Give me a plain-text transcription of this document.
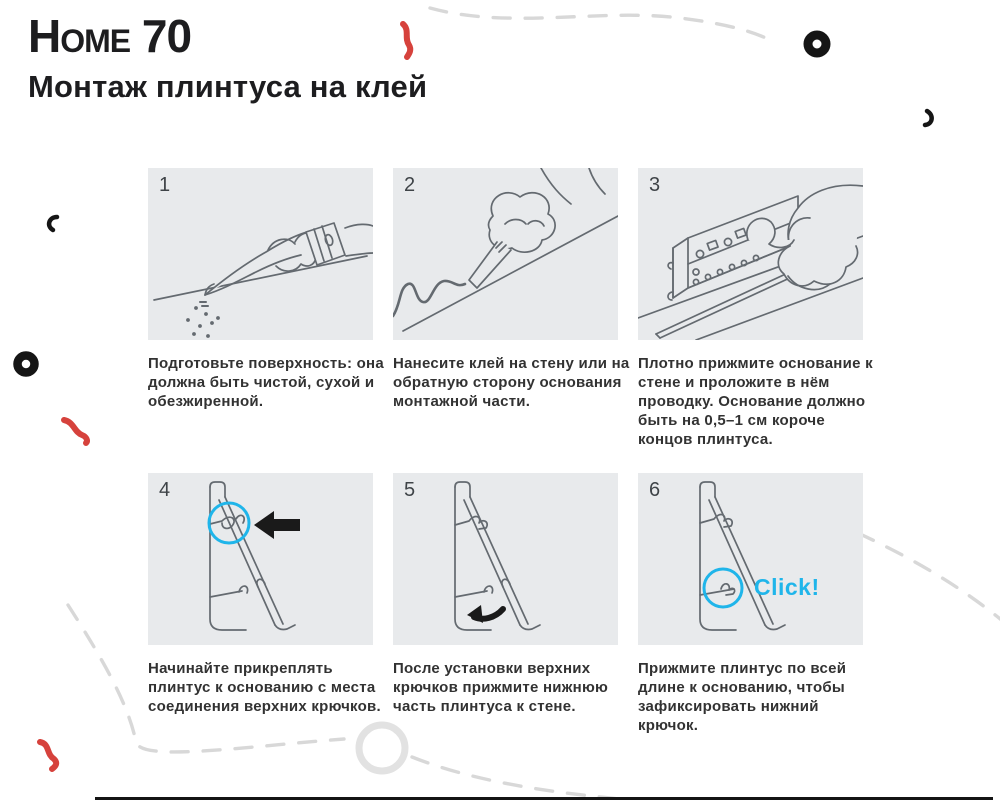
Home 70
Монтаж плинтуса на клей
1

Подготовьте поверхность: она должна быть чистой, сухой и обезжиренной.

2

Нанесите клей на стену или на обратную сторону основания монтажной части.

3

Плотно прижмите основание к стене и проложите в нём проводку. Основание должно быть на 0,5–1 см короче концов плинтуса.

4

Начинайте прикреплять плинтус к основанию с места соединения верхних крючков.

5

После установки верхних крючков прижмите нижнюю часть плинтуса к стене.

6
Click!

Прижмите плинтус по всей длине к основанию, чтобы зафиксировать нижний крючок.
